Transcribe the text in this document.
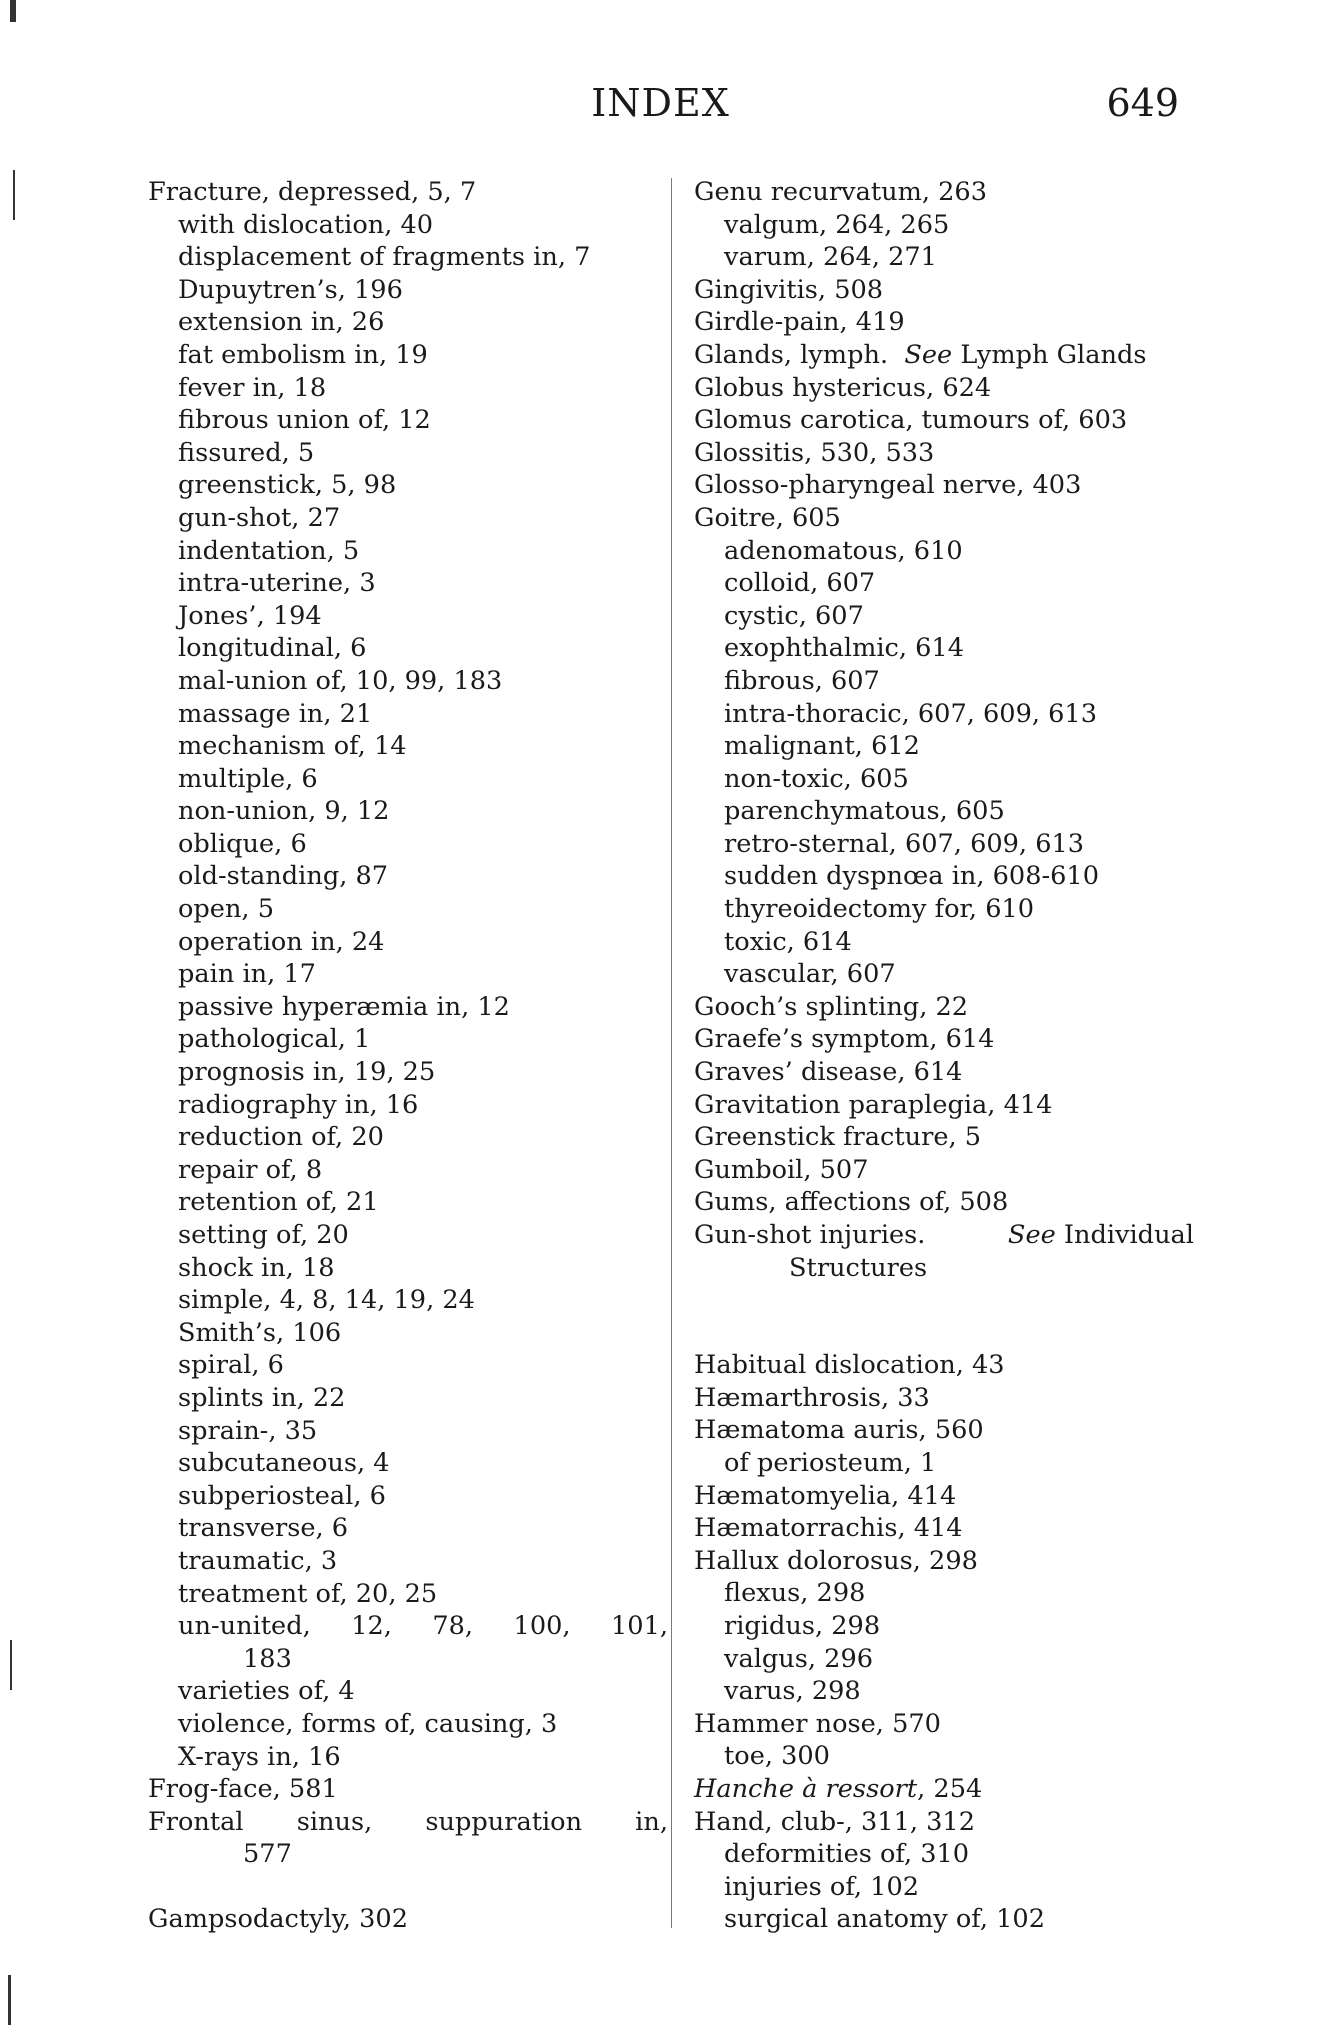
INDEX	649
Fracture, depressed, 5, 7
with dislocation, 40
displacement of fragments in, 7
Dupuytren’s, 196
extension in, 26
fat embolism in, 19
fever in, 18
fibrous union of, 12
fissured, 5
greenstick, 5, 98
gun-shot, 27
indentation, 5
intra-uterine, 3
Jones’, 194
longitudinal, 6
mal-union of, 10, 99, 183
massage in, 21
mechanism of, 14
multiple, 6
non-union, 9, 12
oblique, 6
old-standing, 87
open, 5
operation in, 24
pain in, 17
passive hyperæmia in, 12
pathological, 1
prognosis in, 19, 25
radiography in, 16
reduction of, 20
repair of, 8
retention of, 21
setting of, 20
shock in, 18
simple, 4, 8, 14, 19, 24
Smith’s, 106
spiral, 6
splints in, 22
sprain-, 35
subcutaneous, 4
subperiosteal, 6
transverse, 6
traumatic, 3
treatment of, 20, 25
un-united, 12, 78, 100, 101,
183
varieties of, 4
violence, forms of, causing, 3
X-rays in, 16
Frog-face, 581
Frontal sinus, suppuration in,
577
Gampsodactyly, 302
Genu recurvatum, 263
valgum, 264, 265
varum, 264, 271
Gingivitis, 508
Girdle-pain, 419
Glands, lymph. See Lymph Glands
Globus hystericus, 624
Glomus carotica, tumours of, 603
Glossitis, 530, 533
Glosso-pharyngeal nerve, 403
Goitre, 605
adenomatous, 610
colloid, 607
cystic, 607
exophthalmic, 614
fibrous, 607
intra-thoracic, 607, 609, 613
malignant, 612
non-toxic, 605
parenchymatous, 605
retro-sternal, 607, 609, 613
sudden dyspnœa in, 608-610
thyreoidectomy for, 610
toxic, 614
vascular, 607
Gooch’s splinting, 22
Graefe’s symptom, 614
Graves’ disease, 614
Gravitation paraplegia, 414
Greenstick fracture, 5
Gumboil, 507
Gums, affections of, 508
Gun-shot injuries.	See Individual
Structures
Habitual dislocation, 43
Hæmarthrosis, 33
Hæmatoma auris, 560
of periosteum, 1
Hæmatomyelia, 414
Hæmatorrachis, 414
Hallux dolorosus, 298
flexus, 298
rigidus, 298
valgus, 296
varus, 298
Hammer nose, 570
toe, 300
Hanche à ressort, 254
Hand, club-, 311, 312
deformities of, 310
injuries of, 102
surgical anatomy of, 102
